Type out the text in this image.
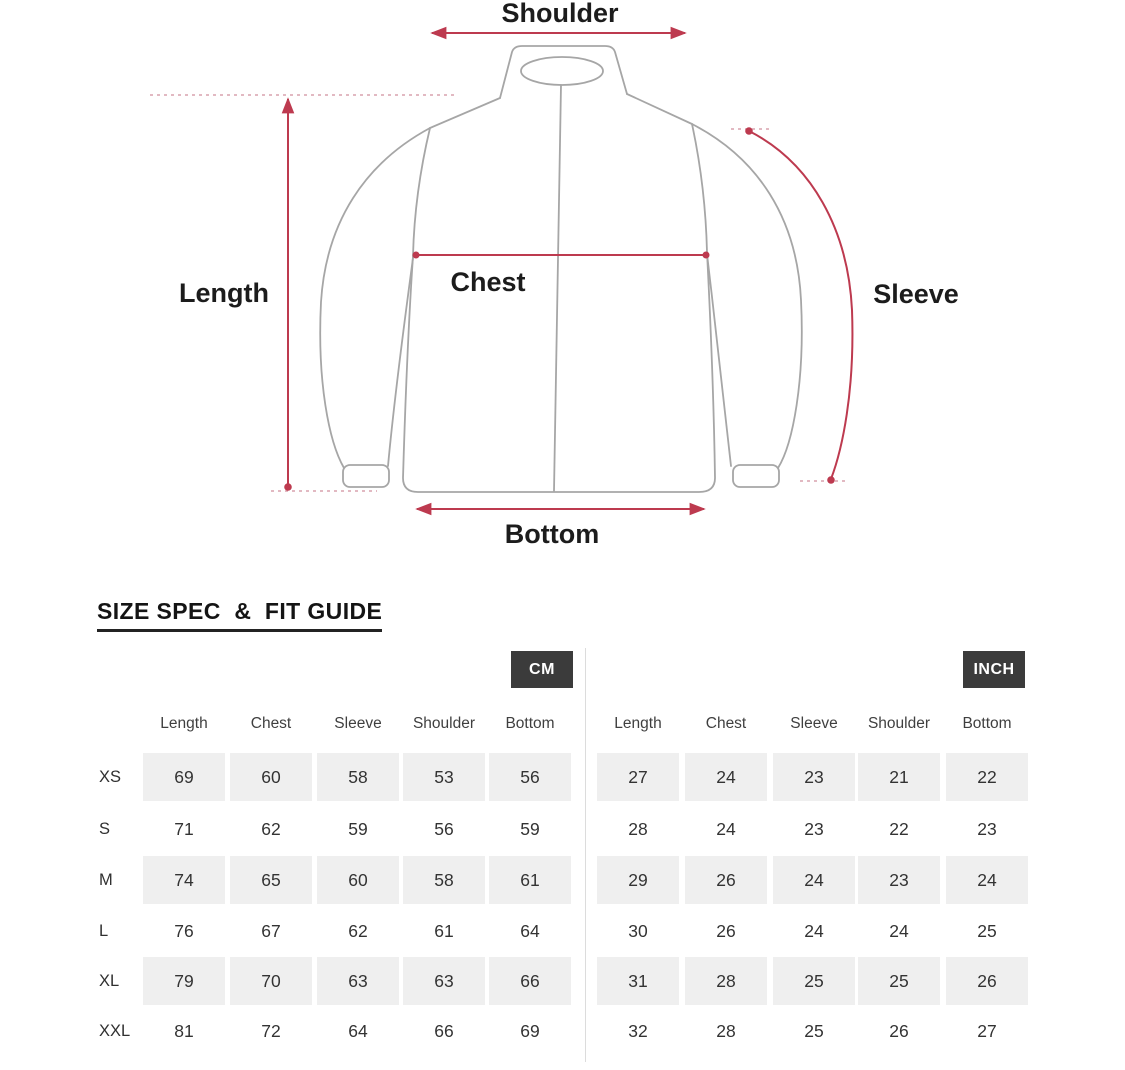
Shoulder
Length	Chest	Sleeve
Bottom
SIZE SPEC  &  FIT GUIDE
CM	INCH
Length	Chest	Sleeve	Shoulder	Bottom
XS	69	60	58	53	56
S	71	62	59	56	59
M	74	65	60	58	61
L	76	67	62	61	64
XL	79	70	63	63	66
XXL	81	72	64	66	69
Length	Chest	Sleeve	Shoulder	Bottom
27	24	23	21	22
28	24	23	22	23
29	26	24	23	24
30	26	24	24	25
31	28	25	25	26
32	28	25	26	27
